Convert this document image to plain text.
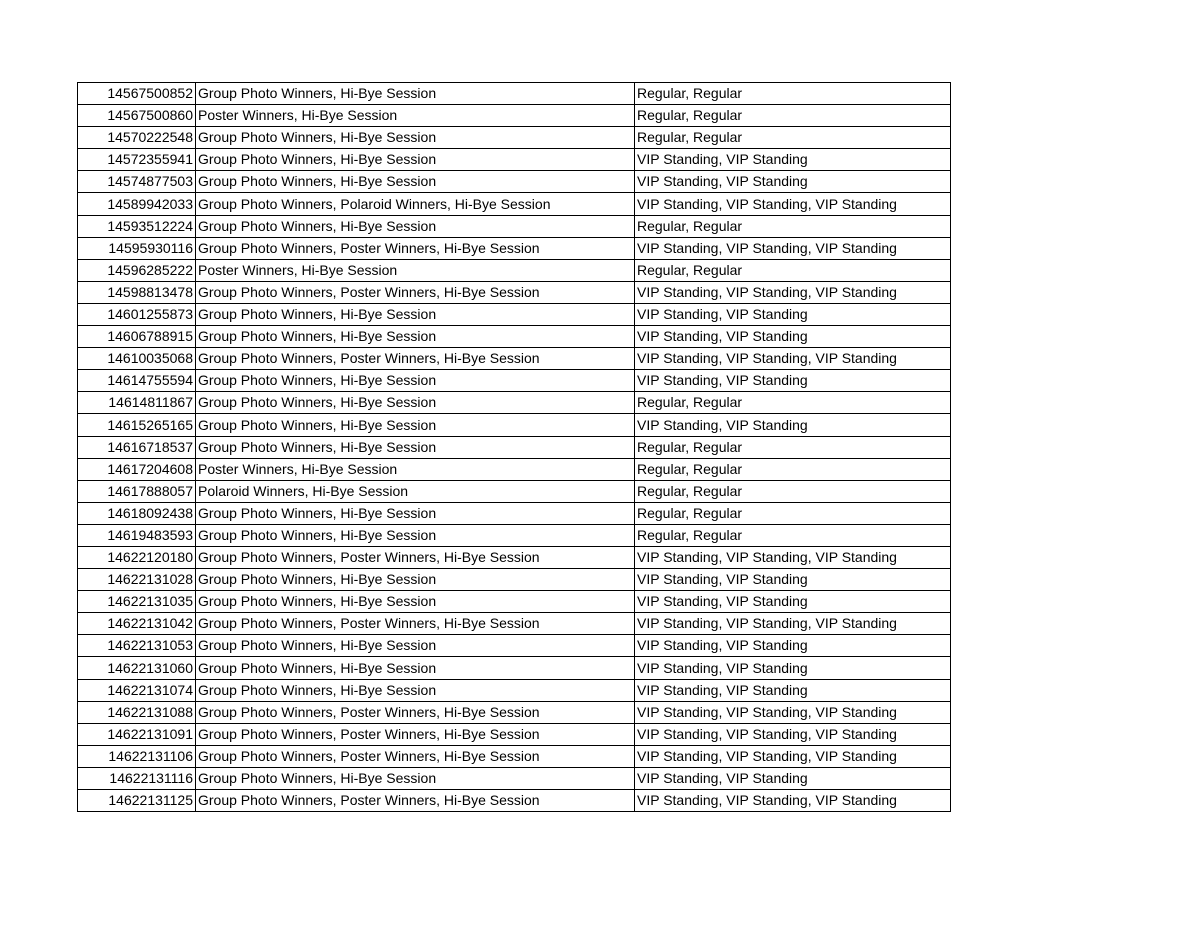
14567500852	Group Photo Winners, Hi-Bye Session	Regular, Regular
14567500860	Poster Winners, Hi-Bye Session	Regular, Regular
14570222548	Group Photo Winners, Hi-Bye Session	Regular, Regular
14572355941	Group Photo Winners, Hi-Bye Session	VIP Standing, VIP Standing
14574877503	Group Photo Winners, Hi-Bye Session	VIP Standing, VIP Standing
14589942033	Group Photo Winners, Polaroid Winners, Hi-Bye Session	VIP Standing, VIP Standing, VIP Standing
14593512224	Group Photo Winners, Hi-Bye Session	Regular, Regular
14595930116	Group Photo Winners, Poster Winners, Hi-Bye Session	VIP Standing, VIP Standing, VIP Standing
14596285222	Poster Winners, Hi-Bye Session	Regular, Regular
14598813478	Group Photo Winners, Poster Winners, Hi-Bye Session	VIP Standing, VIP Standing, VIP Standing
14601255873	Group Photo Winners, Hi-Bye Session	VIP Standing, VIP Standing
14606788915	Group Photo Winners, Hi-Bye Session	VIP Standing, VIP Standing
14610035068	Group Photo Winners, Poster Winners, Hi-Bye Session	VIP Standing, VIP Standing, VIP Standing
14614755594	Group Photo Winners, Hi-Bye Session	VIP Standing, VIP Standing
14614811867	Group Photo Winners, Hi-Bye Session	Regular, Regular
14615265165	Group Photo Winners, Hi-Bye Session	VIP Standing, VIP Standing
14616718537	Group Photo Winners, Hi-Bye Session	Regular, Regular
14617204608	Poster Winners, Hi-Bye Session	Regular, Regular
14617888057	Polaroid Winners, Hi-Bye Session	Regular, Regular
14618092438	Group Photo Winners, Hi-Bye Session	Regular, Regular
14619483593	Group Photo Winners, Hi-Bye Session	Regular, Regular
14622120180	Group Photo Winners, Poster Winners, Hi-Bye Session	VIP Standing, VIP Standing, VIP Standing
14622131028	Group Photo Winners, Hi-Bye Session	VIP Standing, VIP Standing
14622131035	Group Photo Winners, Hi-Bye Session	VIP Standing, VIP Standing
14622131042	Group Photo Winners, Poster Winners, Hi-Bye Session	VIP Standing, VIP Standing, VIP Standing
14622131053	Group Photo Winners, Hi-Bye Session	VIP Standing, VIP Standing
14622131060	Group Photo Winners, Hi-Bye Session	VIP Standing, VIP Standing
14622131074	Group Photo Winners, Hi-Bye Session	VIP Standing, VIP Standing
14622131088	Group Photo Winners, Poster Winners, Hi-Bye Session	VIP Standing, VIP Standing, VIP Standing
14622131091	Group Photo Winners, Poster Winners, Hi-Bye Session	VIP Standing, VIP Standing, VIP Standing
14622131106	Group Photo Winners, Poster Winners, Hi-Bye Session	VIP Standing, VIP Standing, VIP Standing
14622131116	Group Photo Winners, Hi-Bye Session	VIP Standing, VIP Standing
14622131125	Group Photo Winners, Poster Winners, Hi-Bye Session	VIP Standing, VIP Standing, VIP Standing
